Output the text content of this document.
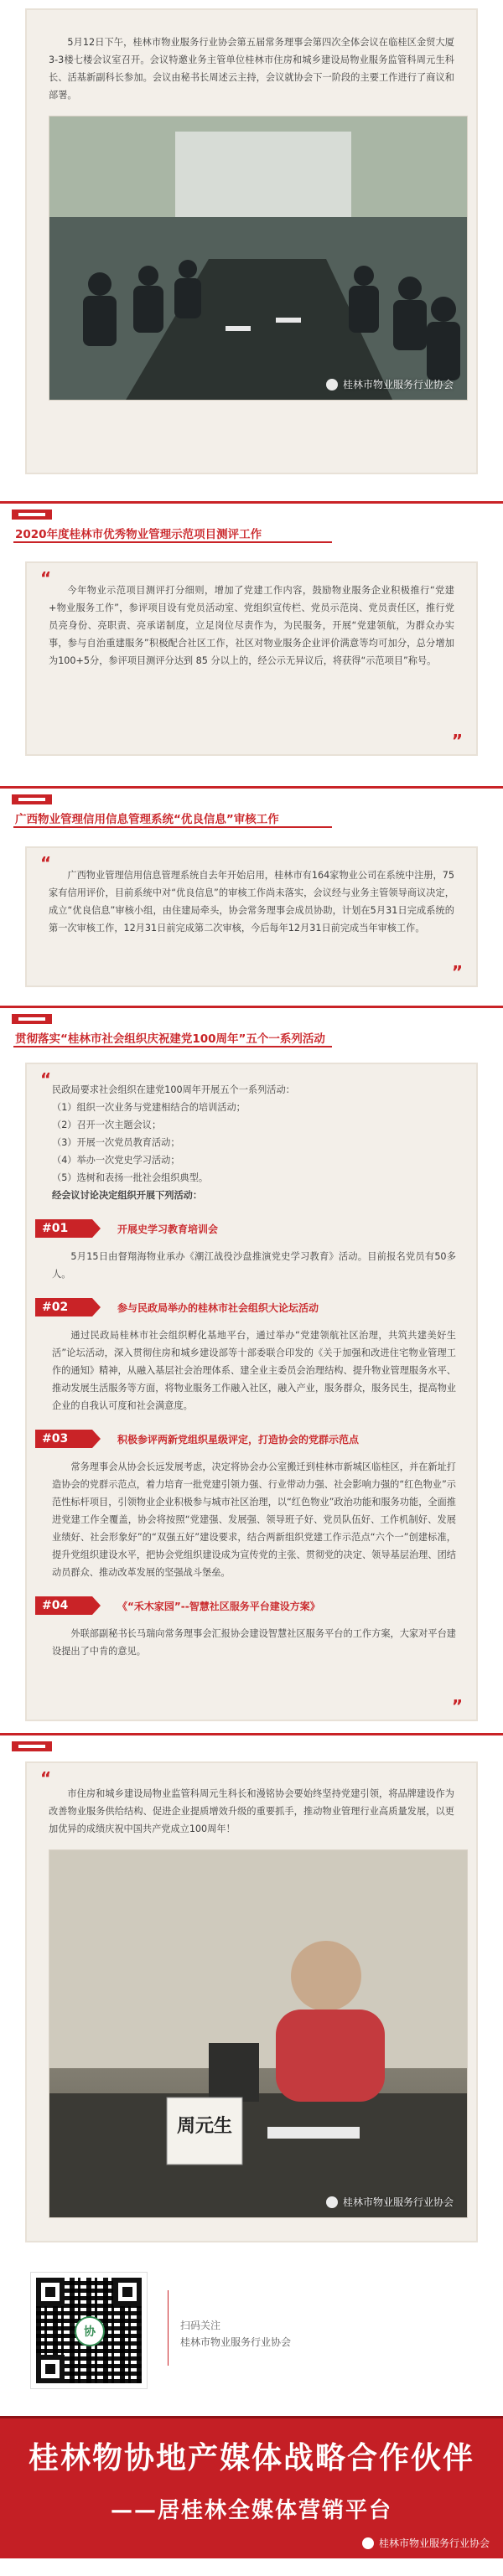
5月12日下午，桂林市物业服务行业协会第五届常务理事会第四次全体会议在临桂区金贸大厦3-3楼七楼会议室召开。会议特邀业务主管单位桂林市住房和城乡建设局物业服务监管科周元生科长、活基新副科长参加。会议由秘书长周述云主持，会议就协会下一阶段的主要工作进行了商议和部署。

桂林市物业服务行业协会
2020年度桂林市优秀物业管理示范项目测评工作
“

今年物业示范项目测评打分细则，增加了党建工作内容，鼓励物业服务企业积极推行“党建+物业服务工作”，参评项目设有党员活动室、党组织宣传栏、党员示范岗、党员责任区，推行党员亮身份、亮职责、亮承诺制度，立足岗位尽责作为，为民服务，开展“党建领航，为群众办实事，参与自治重建服务”积极配合社区工作，社区对物业服务企业评价满意等均可加分，总分增加为100+5分，参评项目测评分达到 85 分以上的，经公示无异议后，将获得“示范项目”称号。

”
广西物业管理信用信息管理系统“优良信息”审核工作
“

广西物业管理信用信息管理系统自去年开始启用，桂林市有164家物业公司在系统中注册，75家有信用评价，目前系统中对“优良信息”的审核工作尚未落实，会议经与业务主管领导商议决定，成立“优良信息”审核小组，由住建局牵头，协会常务理事会成员协助，计划在5月31日完成系统的第一次审核工作，12月31日前完成第二次审核，今后每年12月31日前完成当年审核工作。

”
贯彻落实“桂林市社会组织庆祝建党100周年”五个一系列活动
“
民政局要求社会组织在建党100周年开展五个一系列活动：
（1）组织一次业务与党建相结合的培训活动；
（2）召开一次主题会议；
（3）开展一次党员教育活动；
（4）举办一次党史学习活动；
（5）选树和表扬一批社会组织典型。
经会议讨论决定组织开展下列活动：
#01	开展史学习教育培训会

5月15日由督翔海物业承办《潮江战役沙盘推演党史学习教育》活动。目前报名党员有50多人。

#02	参与民政局举办的桂林市社会组织大论坛活动

通过民政局桂林市社会组织孵化基地平台，通过举办“党建领航社区治理，共筑共建美好生活”论坛活动，深入贯彻住房和城乡建设部等十部委联合印发的《关于加强和改进住宅物业管理工作的通知》精神，从融入基层社会治理体系、建全业主委员会治理结构、提升物业管理服务水平、推动发展生活服务等方面，将物业服务工作融入社区，融入产业，服务群众，服务民生，提高物业企业的自我认可度和社会满意度。

#03	积极参评两新党组织星级评定，打造协会的党群示范点

常务理事会从协会长远发展考虑，决定将协会办公室搬迁到桂林市新城区临桂区，并在新址打造协会的党群示范点，着力培育一批党建引领力强、行业带动力强、社会影响力强的“红色物业”示范性标杆项目，引领物业企业积极参与城市社区治理，以“红色物业”政治功能和服务功能，全面推进党建工作全覆盖，协会将按照“党建强、发展强、领导班子好、党员队伍好、工作机制好、发展业绩好、社会形象好”的“双强五好”建设要求，结合两新组织党建工作示范点“六个一”创建标准，提升党组织建设水平，把协会党组织建设成为宣传党的主张、贯彻党的决定、领导基层治理、团结动员群众、推动改革发展的坚强战斗堡垒。

#04	《“禾木家园”--智慧社区服务平台建设方案》

外联部副秘书长马瑞向常务理事会汇报协会建设智慧社区服务平台的工作方案，大家对平台建设提出了中肯的意见。

”
“

市住房和城乡建设局物业监管科周元生科长和漫铭协会要始终坚持党建引领，将品牌建设作为改善物业服务供给结构、促进企业提质增效升级的重要抓手，推动物业管理行业高质量发展，以更加优异的成绩庆祝中国共产党成立100周年！

周元生
桂林市物业服务行业协会
协	扫码关注
桂林市物业服务行业协会
桂林物协地产媒体战略合作伙伴
——居桂林全媒体营销平台
桂林市物业服务行业协会
